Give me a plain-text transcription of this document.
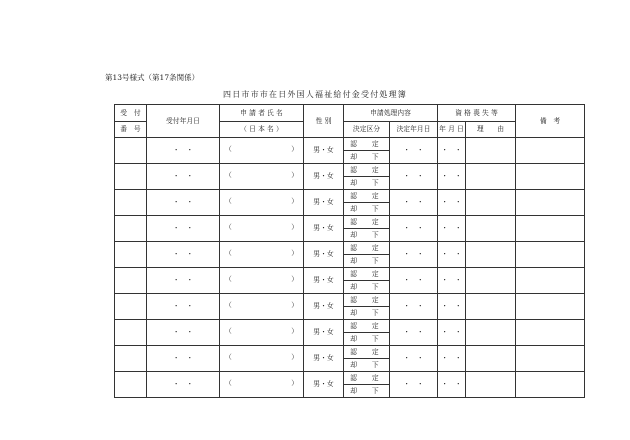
第13号様式（第17条関係）
四日市市市在日外国人福祉給付金受付処理簿
受　付	受付年月日	申 請 者 氏 名	性 別	申請処理内容		資 格 喪 失 等		備　考
番　号		（ 日 本 名 ）		決定区分	決定年月日	年 月 日	理　　由	
	・　・	（ ）	男・女	認　定	・　・	・　・		

				却　下				

	・　・	（ ）	男・女	認　定	・　・	・　・		

				却　下				

	・　・	（ ）	男・女	認　定	・　・	・　・		

				却　下				

	・　・	（ ）	男・女	認　定	・　・	・　・		

				却　下				

	・　・	（ ）	男・女	認　定	・　・	・　・		

				却　下				

	・　・	（ ）	男・女	認　定	・　・	・　・		

				却　下				

	・　・	（ ）	男・女	認　定	・　・	・　・		

				却　下				

	・　・	（ ）	男・女	認　定	・　・	・　・		

				却　下				

	・　・	（ ）	男・女	認　定	・　・	・　・		

				却　下				

	・　・	（ ）	男・女	認　定	・　・	・　・		

				却　下				
